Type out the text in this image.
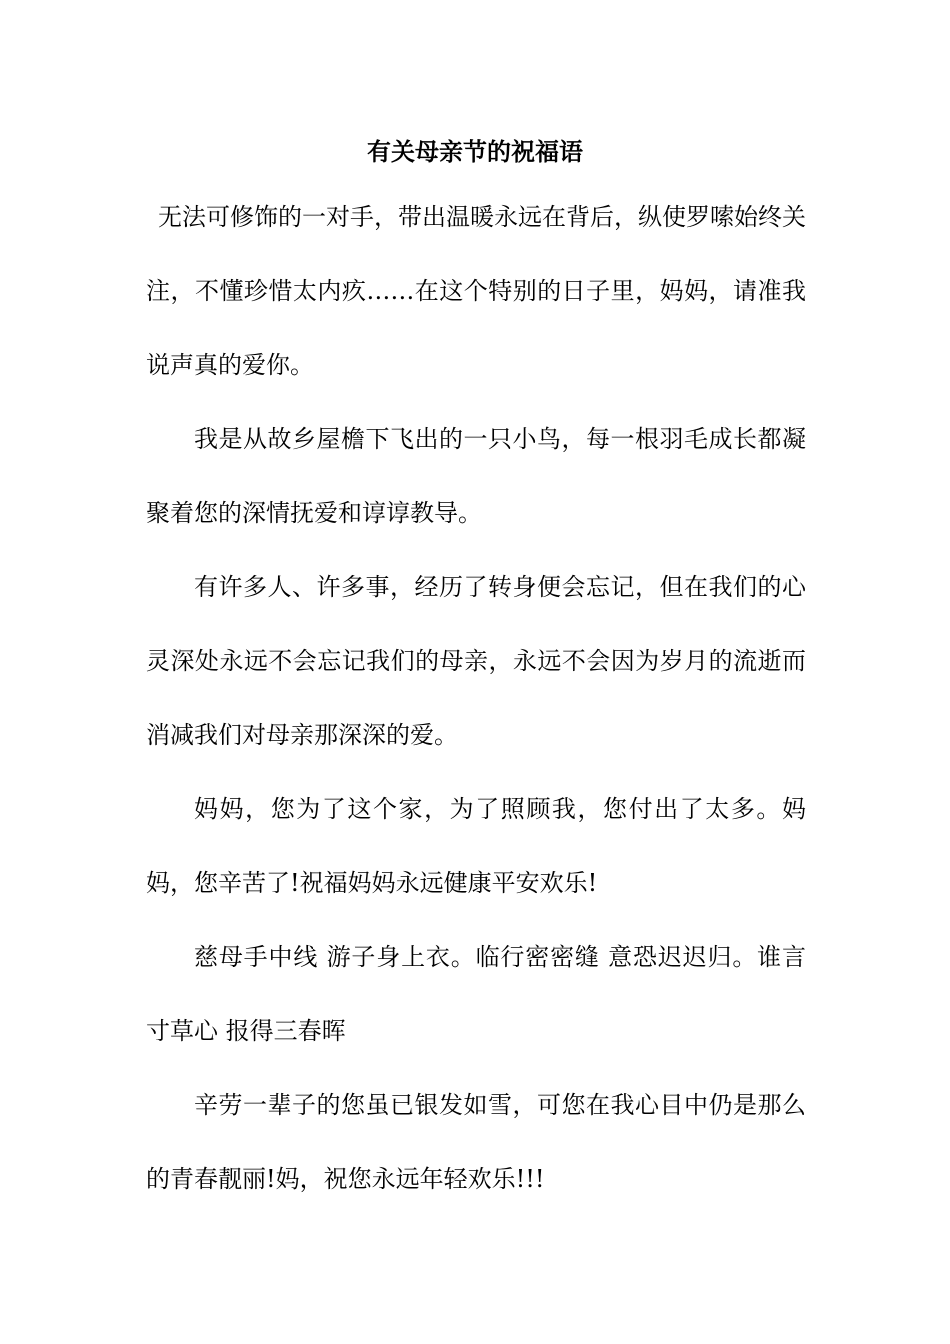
有关母亲节的祝福语

无法可修饰的一对手，带出温暖永远在背后，纵使罗嗦始终关注，不懂珍惜太内疚……在这个特别的日子里，妈妈，请准我说声真的爱你。

我是从故乡屋檐下飞出的一只小鸟，每一根羽毛成长都凝聚着您的深情抚爱和谆谆教导。

有许多人、许多事，经历了转身便会忘记，但在我们的心灵深处永远不会忘记我们的母亲，永远不会因为岁月的流逝而消减我们对母亲那深深的爱。

妈妈，您为了这个家，为了照顾我，您付出了太多。妈妈，您辛苦了!祝福妈妈永远健康平安欢乐!

慈母手中线 游子身上衣。临行密密缝 意恐迟迟归。谁言寸草心 报得三春晖

辛劳一辈子的您虽已银发如雪，可您在我心目中仍是那么的青春靓丽!妈，祝您永远年轻欢乐!!!
